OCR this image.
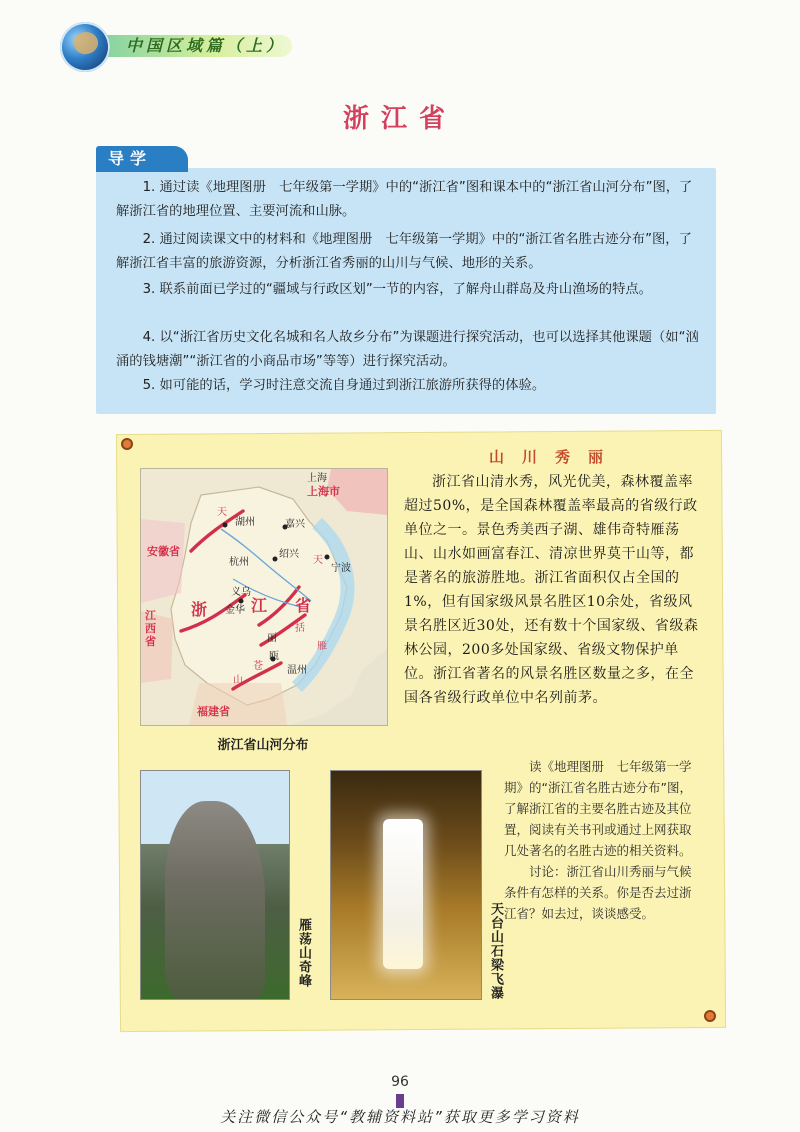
中国区域篇（上）
浙江省
导学
1. 通过读《地理图册　七年级第一学期》中的“浙江省”图和课本中的“浙江省山河分布”图，了解浙江省的地理位置、主要河流和山脉。
2. 通过阅读课文中的材料和《地理图册　七年级第一学期》中的“浙江省名胜古迹分布”图，了解浙江省丰富的旅游资源，分析浙江省秀丽的山川与气候、地形的关系。
3. 联系前面已学过的“疆域与行政区划”一节的内容，了解舟山群岛及舟山渔场的特点。
4. 以“浙江省历史文化名城和名人故乡分布”为课题进行探究活动，也可以选择其他课题（如“汹涌的钱塘潮”“浙江省的小商品市场”等等）进行探究活动。
5. 如可能的话，学习时注意交流自身通过到浙江旅游所获得的体验。
上海
上海市
安徽省
天
湖州	嘉兴
杭州
绍兴
宁波
天
浙	江 省
义乌
金华
括
瓯
苍
山
江西省
福建省
温州
雁
丽
浙江省山河分布
山川秀丽
浙江省山清水秀，风光优美，森林覆盖率超过50%，是全国森林覆盖率最高的省级行政单位之一。景色秀美西子湖、雄伟奇特雁荡山、山水如画富春江、清凉世界莫干山等，都是著名的旅游胜地。浙江省面积仅占全国的1%，但有国家级风景名胜区10余处，省级风景名胜区近30处，还有数十个国家级、省级森林公园，200多处国家级、省级文物保护单位。浙江省著名的风景名胜区数量之多，在全国各省级行政单位中名列前茅。
雁荡山奇峰	天台山石梁飞瀑
读《地理图册　七年级第一学期》的“浙江省名胜古迹分布”图，了解浙江省的主要名胜古迹及其位置，阅读有关书刊或通过上网获取几处著名的名胜古迹的相关资料。
讨论：浙江省山川秀丽与气候条件有怎样的关系。你是否去过浙江省？如去过，谈谈感受。
96
关注微信公众号“教辅资料站”获取更多学习资料
